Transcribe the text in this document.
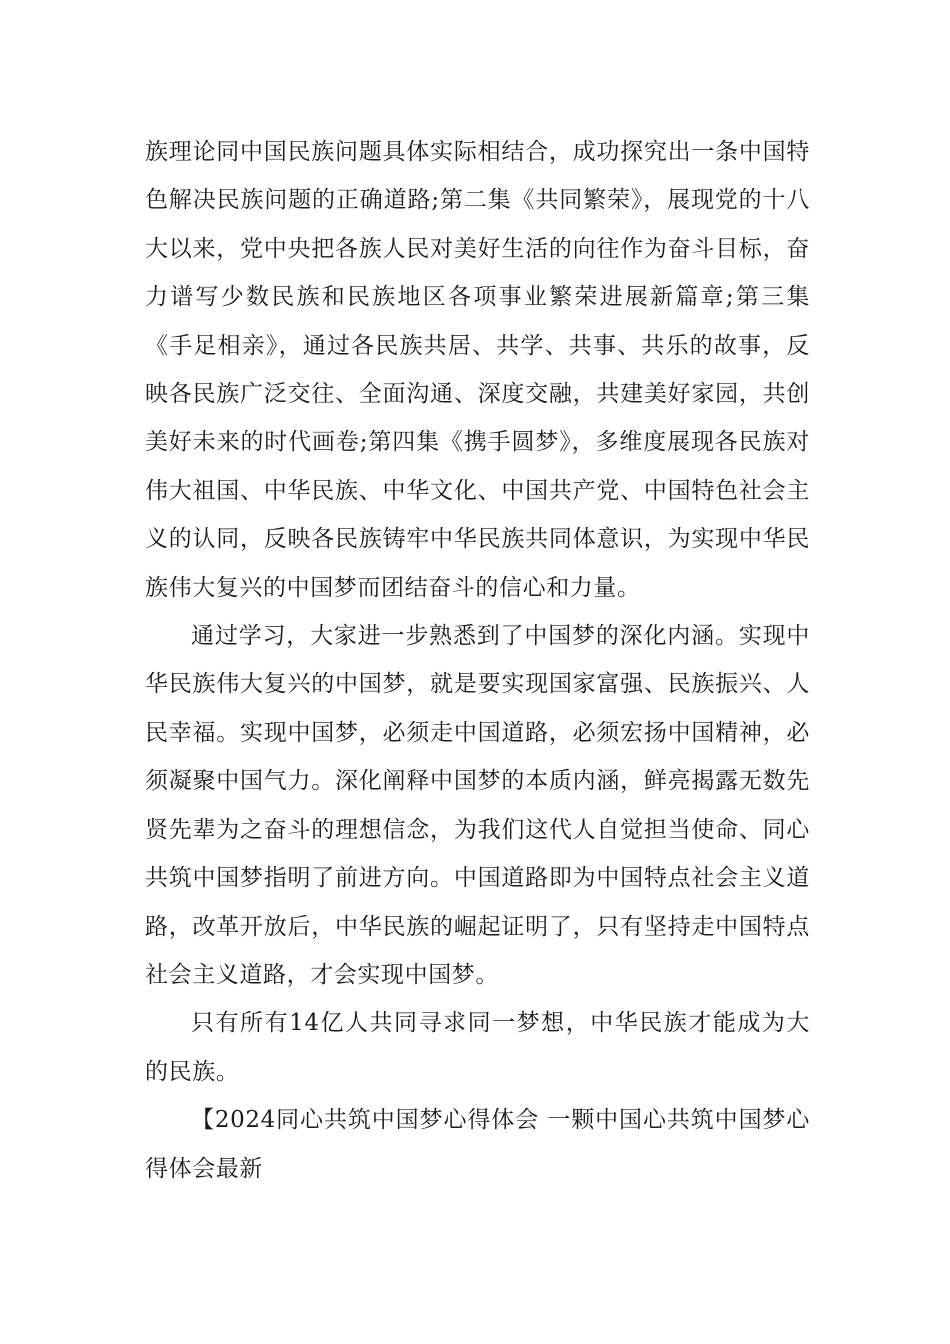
族理论同中国民族问题具体实际相结合，成功探究出一条中国特色解决民族问题的正确道路;第二集《共同繁荣》，展现党的十八大以来，党中央把各族人民对美好生活的向往作为奋斗目标，奋力谱写少数民族和民族地区各项事业繁荣进展新篇章;第三集《手足相亲》，通过各民族共居、共学、共事、共乐的故事，反映各民族广泛交往、全面沟通、深度交融，共建美好家园，共创美好未来的时代画卷;第四集《携手圆梦》，多维度展现各民族对伟大祖国、中华民族、中华文化、中国共产党、中国特色社会主义的认同，反映各民族铸牢中华民族共同体意识，为实现中华民族伟大复兴的中国梦而团结奋斗的信心和力量。

通过学习，大家进一步熟悉到了中国梦的深化内涵。实现中华民族伟大复兴的中国梦，就是要实现国家富强、民族振兴、人民幸福。实现中国梦，必须走中国道路，必须宏扬中国精神，必须凝聚中国气力。深化阐释中国梦的本质内涵，鲜亮揭露无数先贤先辈为之奋斗的理想信念，为我们这代人自觉担当使命、同心共筑中国梦指明了前进方向。中国道路即为中国特点社会主义道路，改革开放后，中华民族的崛起证明了，只有坚持走中国特点社会主义道路，才会实现中国梦。

只有所有14亿人共同寻求同一梦想，中华民族才能成为大的民族。

【2024同心共筑中国梦心得体会 一颗中国心共筑中国梦心得体会最新
